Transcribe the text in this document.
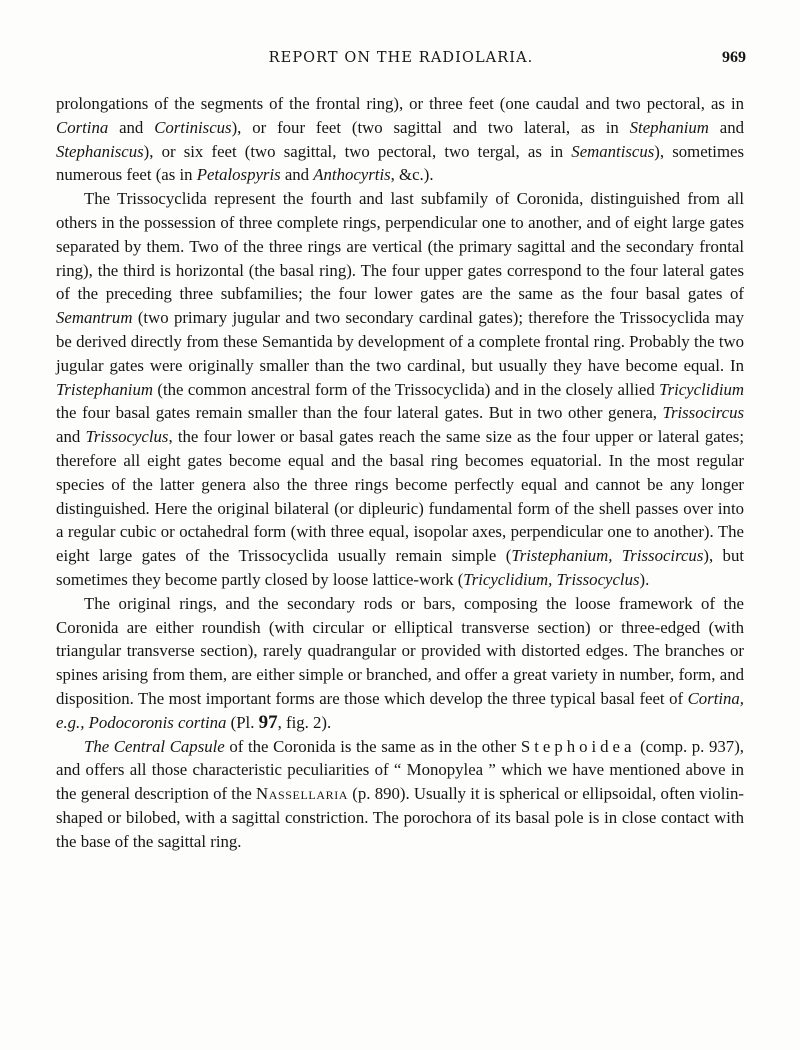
REPORT ON THE RADIOLARIA.	969

prolongations of the segments of the frontal ring), or three feet (one caudal and two pectoral, as in Cortina and Cortiniscus), or four feet (two sagittal and two lateral, as in Stephanium and Stephaniscus), or six feet (two sagittal, two pectoral, two tergal, as in Semantiscus), sometimes numerous feet (as in Petalospyris and Anthocyrtis, &c.).

The Trissocyclida represent the fourth and last subfamily of Coronida, distinguished from all others in the possession of three complete rings, perpendicular one to another, and of eight large gates separated by them. Two of the three rings are vertical (the primary sagittal and the secondary frontal ring), the third is horizontal (the basal ring). The four upper gates correspond to the four lateral gates of the preceding three subfamilies; the four lower gates are the same as the four basal gates of Semantrum (two primary jugular and two secondary cardinal gates); therefore the Trissocyclida may be derived directly from these Semantida by development of a complete frontal ring. Probably the two jugular gates were originally smaller than the two cardinal, but usually they have become equal. In Tristephanium (the common ancestral form of the Trissocyclida) and in the closely allied Tricyclidium the four basal gates remain smaller than the four lateral gates. But in two other genera, Trissocircus and Trissocyclus, the four lower or basal gates reach the same size as the four upper or lateral gates; therefore all eight gates become equal and the basal ring becomes equatorial. In the most regular species of the latter genera also the three rings become perfectly equal and cannot be any longer distinguished. Here the original bilateral (or dipleuric) fundamental form of the shell passes over into a regular cubic or octahedral form (with three equal, isopolar axes, perpendicular one to another). The eight large gates of the Trissocyclida usually remain simple (Tristephanium, Trissocircus), but sometimes they become partly closed by loose lattice-work (Tricyclidium, Trissocyclus).

The original rings, and the secondary rods or bars, composing the loose framework of the Coronida are either roundish (with circular or elliptical transverse section) or three-edged (with triangular transverse section), rarely quadrangular or provided with distorted edges. The branches or spines arising from them, are either simple or branched, and offer a great variety in number, form, and disposition. The most important forms are those which develop the three typical basal feet of Cortina, e.g., Podocoronis cortina (Pl. 97, fig. 2).

The Central Capsule of the Coronida is the same as in the other Stephoidea (comp. p. 937), and offers all those characteristic peculiarities of “ Monopylea ” which we have mentioned above in the general description of the Nassellaria (p. 890). Usually it is spherical or ellipsoidal, often violin-shaped or bilobed, with a sagittal constriction. The porochora of its basal pole is in close contact with the base of the sagittal ring.
